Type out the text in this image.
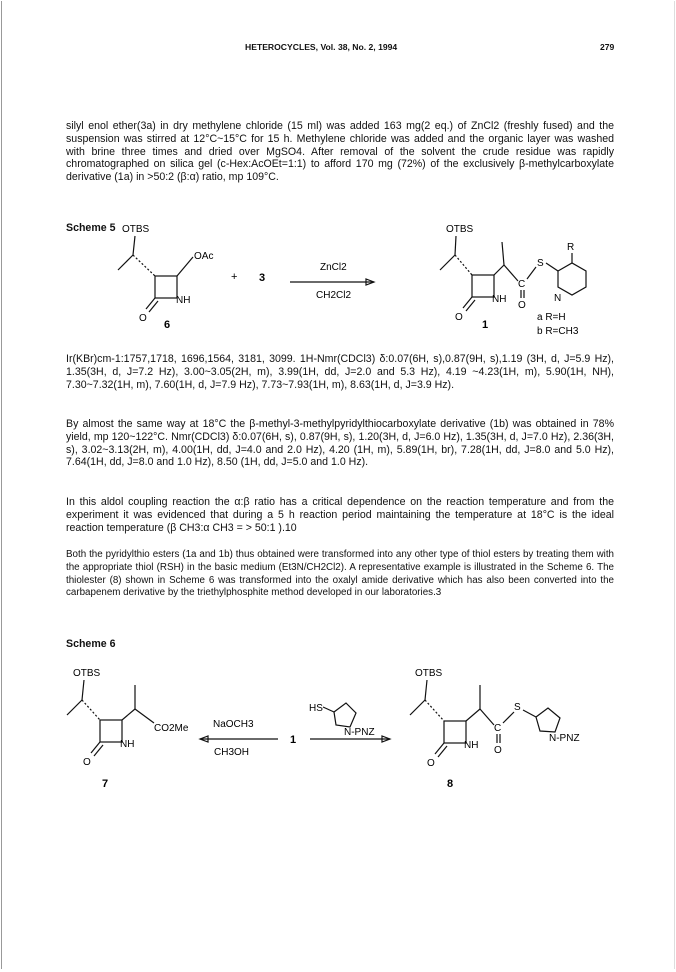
HETEROCYCLES, Vol. 38, No. 2, 1994	279
silyl enol ether(3a) in dry methylene chloride (15 ml) was added 163 mg(2 eq.) of ZnCl2 (freshly fused) and the suspension was stirred at 12°C~15°C for 15 h. Methylene chloride was added and the organic layer was washed with brine three times and dried over MgSO4. After removal of the solvent the crude residue was rapidly chromatographed on silica gel (c-Hex:AcOEt=1:1) to afford 170 mg (72%) of the exclusively β-methylcarboxylate derivative (1a) in >50:2 (β:α) ratio, mp 109°C.
Scheme 5 OTBS
OAc
O
NH
6
+ 3
ZnCl2
CH2Cl2
OTBS
C
O
S
R
N
O
NH
1
a R=H
b R=CH3
Ir(KBr)cm-1:1757,1718, 1696,1564, 3181, 3099. 1H-Nmr(CDCl3) δ:0.07(6H, s),0.87(9H, s),1.19 (3H, d, J=5.9 Hz), 1.35(3H, d, J=7.2 Hz), 3.00~3.05(2H, m), 3.99(1H, dd, J=2.0 and 5.3 Hz), 4.19 ~4.23(1H, m), 5.90(1H, NH), 7.30~7.32(1H, m), 7.60(1H, d, J=7.9 Hz), 7.73~7.93(1H, m), 8.63(1H, d, J=3.9 Hz).
By almost the same way at 18°C the β-methyl-3-methylpyridylthiocarboxylate derivative (1b) was obtained in 78% yield, mp 120~122°C. Nmr(CDCl3) δ:0.07(6H, s), 0.87(9H, s), 1.20(3H, d, J=6.0 Hz), 1.35(3H, d, J=7.0 Hz), 2.36(3H, s), 3.02~3.13(2H, m), 4.00(1H, dd, J=4.0 and 2.0 Hz), 4.20 (1H, m), 5.89(1H, br), 7.28(1H, dd, J=8.0 and 5.0 Hz), 7.64(1H, dd, J=8.0 and 1.0 Hz), 8.50 (1H, dd, J=5.0 and 1.0 Hz).
In this aldol coupling reaction the α:β ratio has a critical dependence on the reaction temperature and from the experiment it was evidenced that during a 5 h reaction period maintaining the temperature at 18°C is the ideal reaction temperature (β CH3:α CH3 = > 50:1 ).10
Both the pyridylthio esters (1a and 1b) thus obtained were transformed into any other type of thiol esters by treating them with the appropriate thiol (RSH) in the basic medium (Et3N/CH2Cl2). A representative example is illustrated in the Scheme 6. The thiolester (8) shown in Scheme 6 was transformed into the oxalyl amide derivative which has also been converted into the carbapenem derivative by the triethylphosphite method developed in our laboratories.3
Scheme 6
OTBS
CO2Me
O
NH
7
NaOCH3
CH3OH
1
HS
N-PNZ
OTBS
C
O
S
N-PNZ
O
NH
8
